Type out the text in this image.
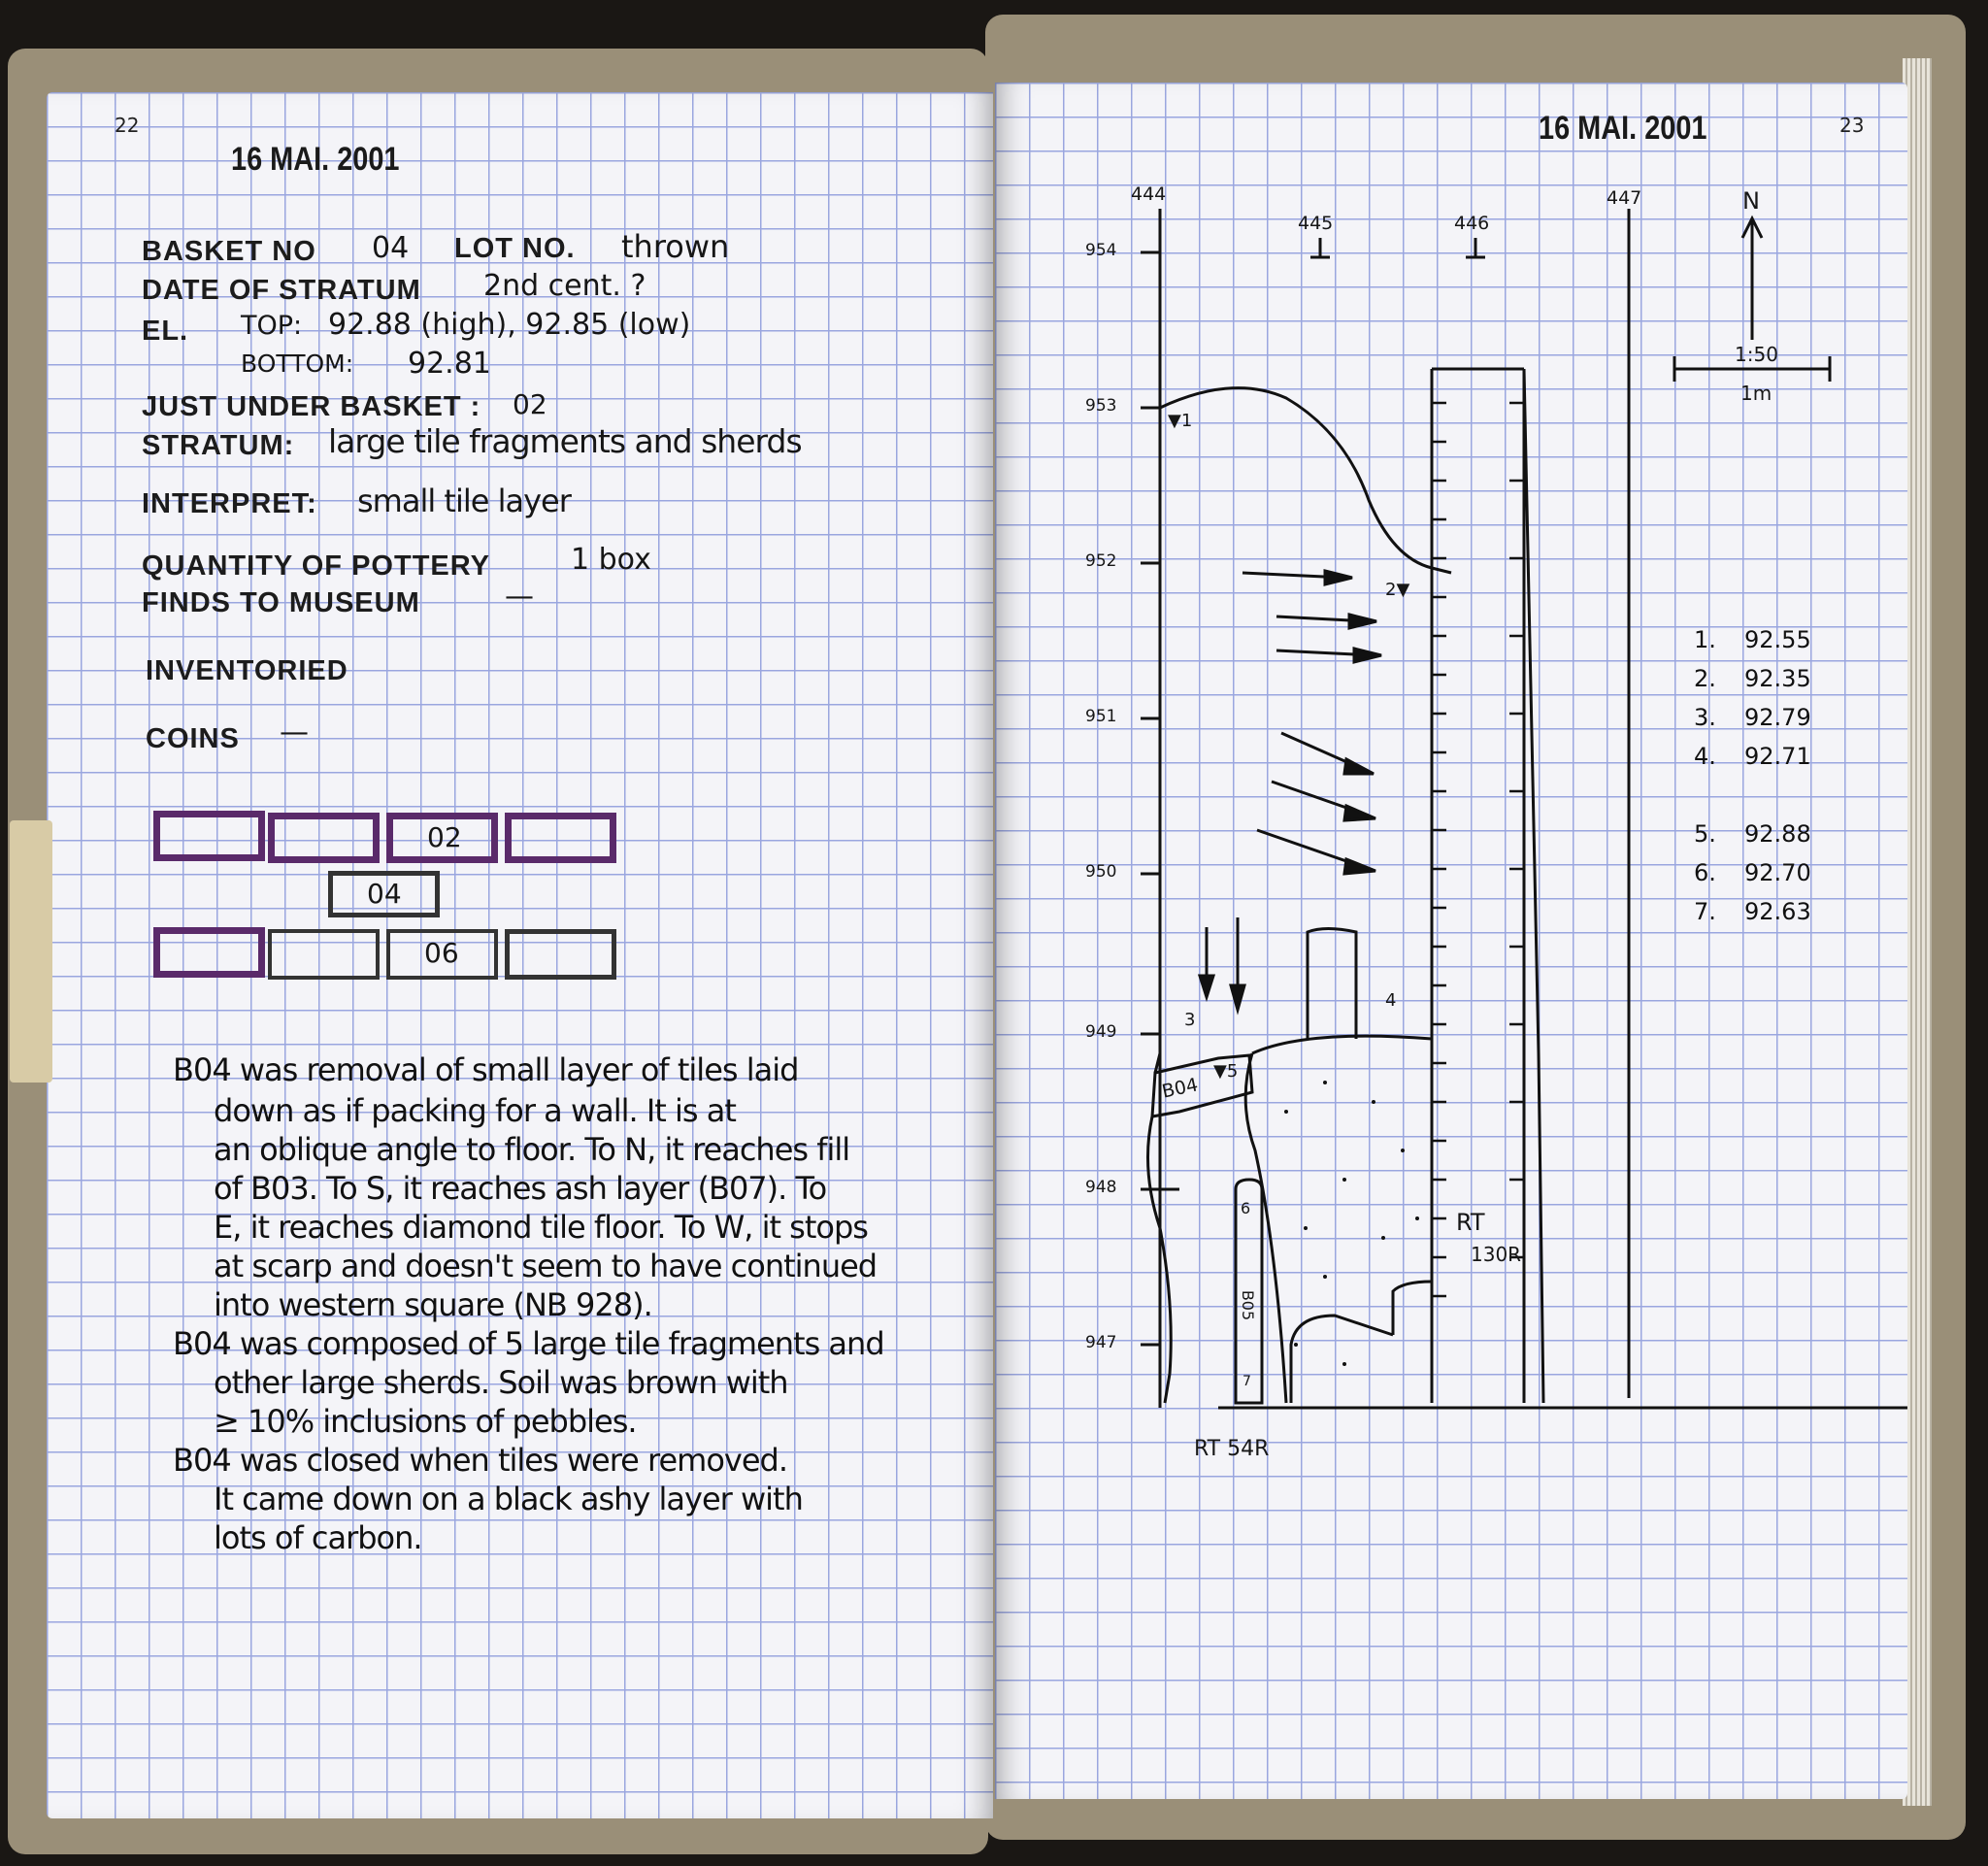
22
16 MAI. 2001
BASKET NO 04 LOT NO. thrown
DATE OF STRATUM 2nd cent. ?
EL. TOP: 92.88 (high), 92.85 (low)
BOTTOM: 92.81
JUST UNDER BASKET : 02
STRATUM: large tile fragments and sherds
INTERPRET: small tile layer
QUANTITY OF POTTERY	1 box
FINDS TO MUSEUM	—
INVENTORIED
COINS —
02
04
06
B04 was removal of small layer of tiles laid
down as if packing for a wall. It is at
an oblique angle to floor. To N, it reaches fill
of B03. To S, it reaches ash layer (B07). To
E, it reaches diamond tile floor. To W, it stops
at scarp and doesn't seem to have continued
into western square (NB 928).
B04 was composed of 5 large tile fragments and
other large sherds. Soil was brown with
≥ 10% inclusions of pebbles.
B04 was closed when tiles were removed.
It came down on a black ashy layer with
lots of carbon.
16 MAI. 2001	23
444
445	446
447
954
953
952
951
950
949
948
947
N
1:50
1m
▼1
2▼
3
4
▼5
6
7
B04
B05
RT
130R
RT 54R
1. 92.55
2. 92.35
3. 92.79
4. 92.71
5. 92.88
6. 92.70
7. 92.63
